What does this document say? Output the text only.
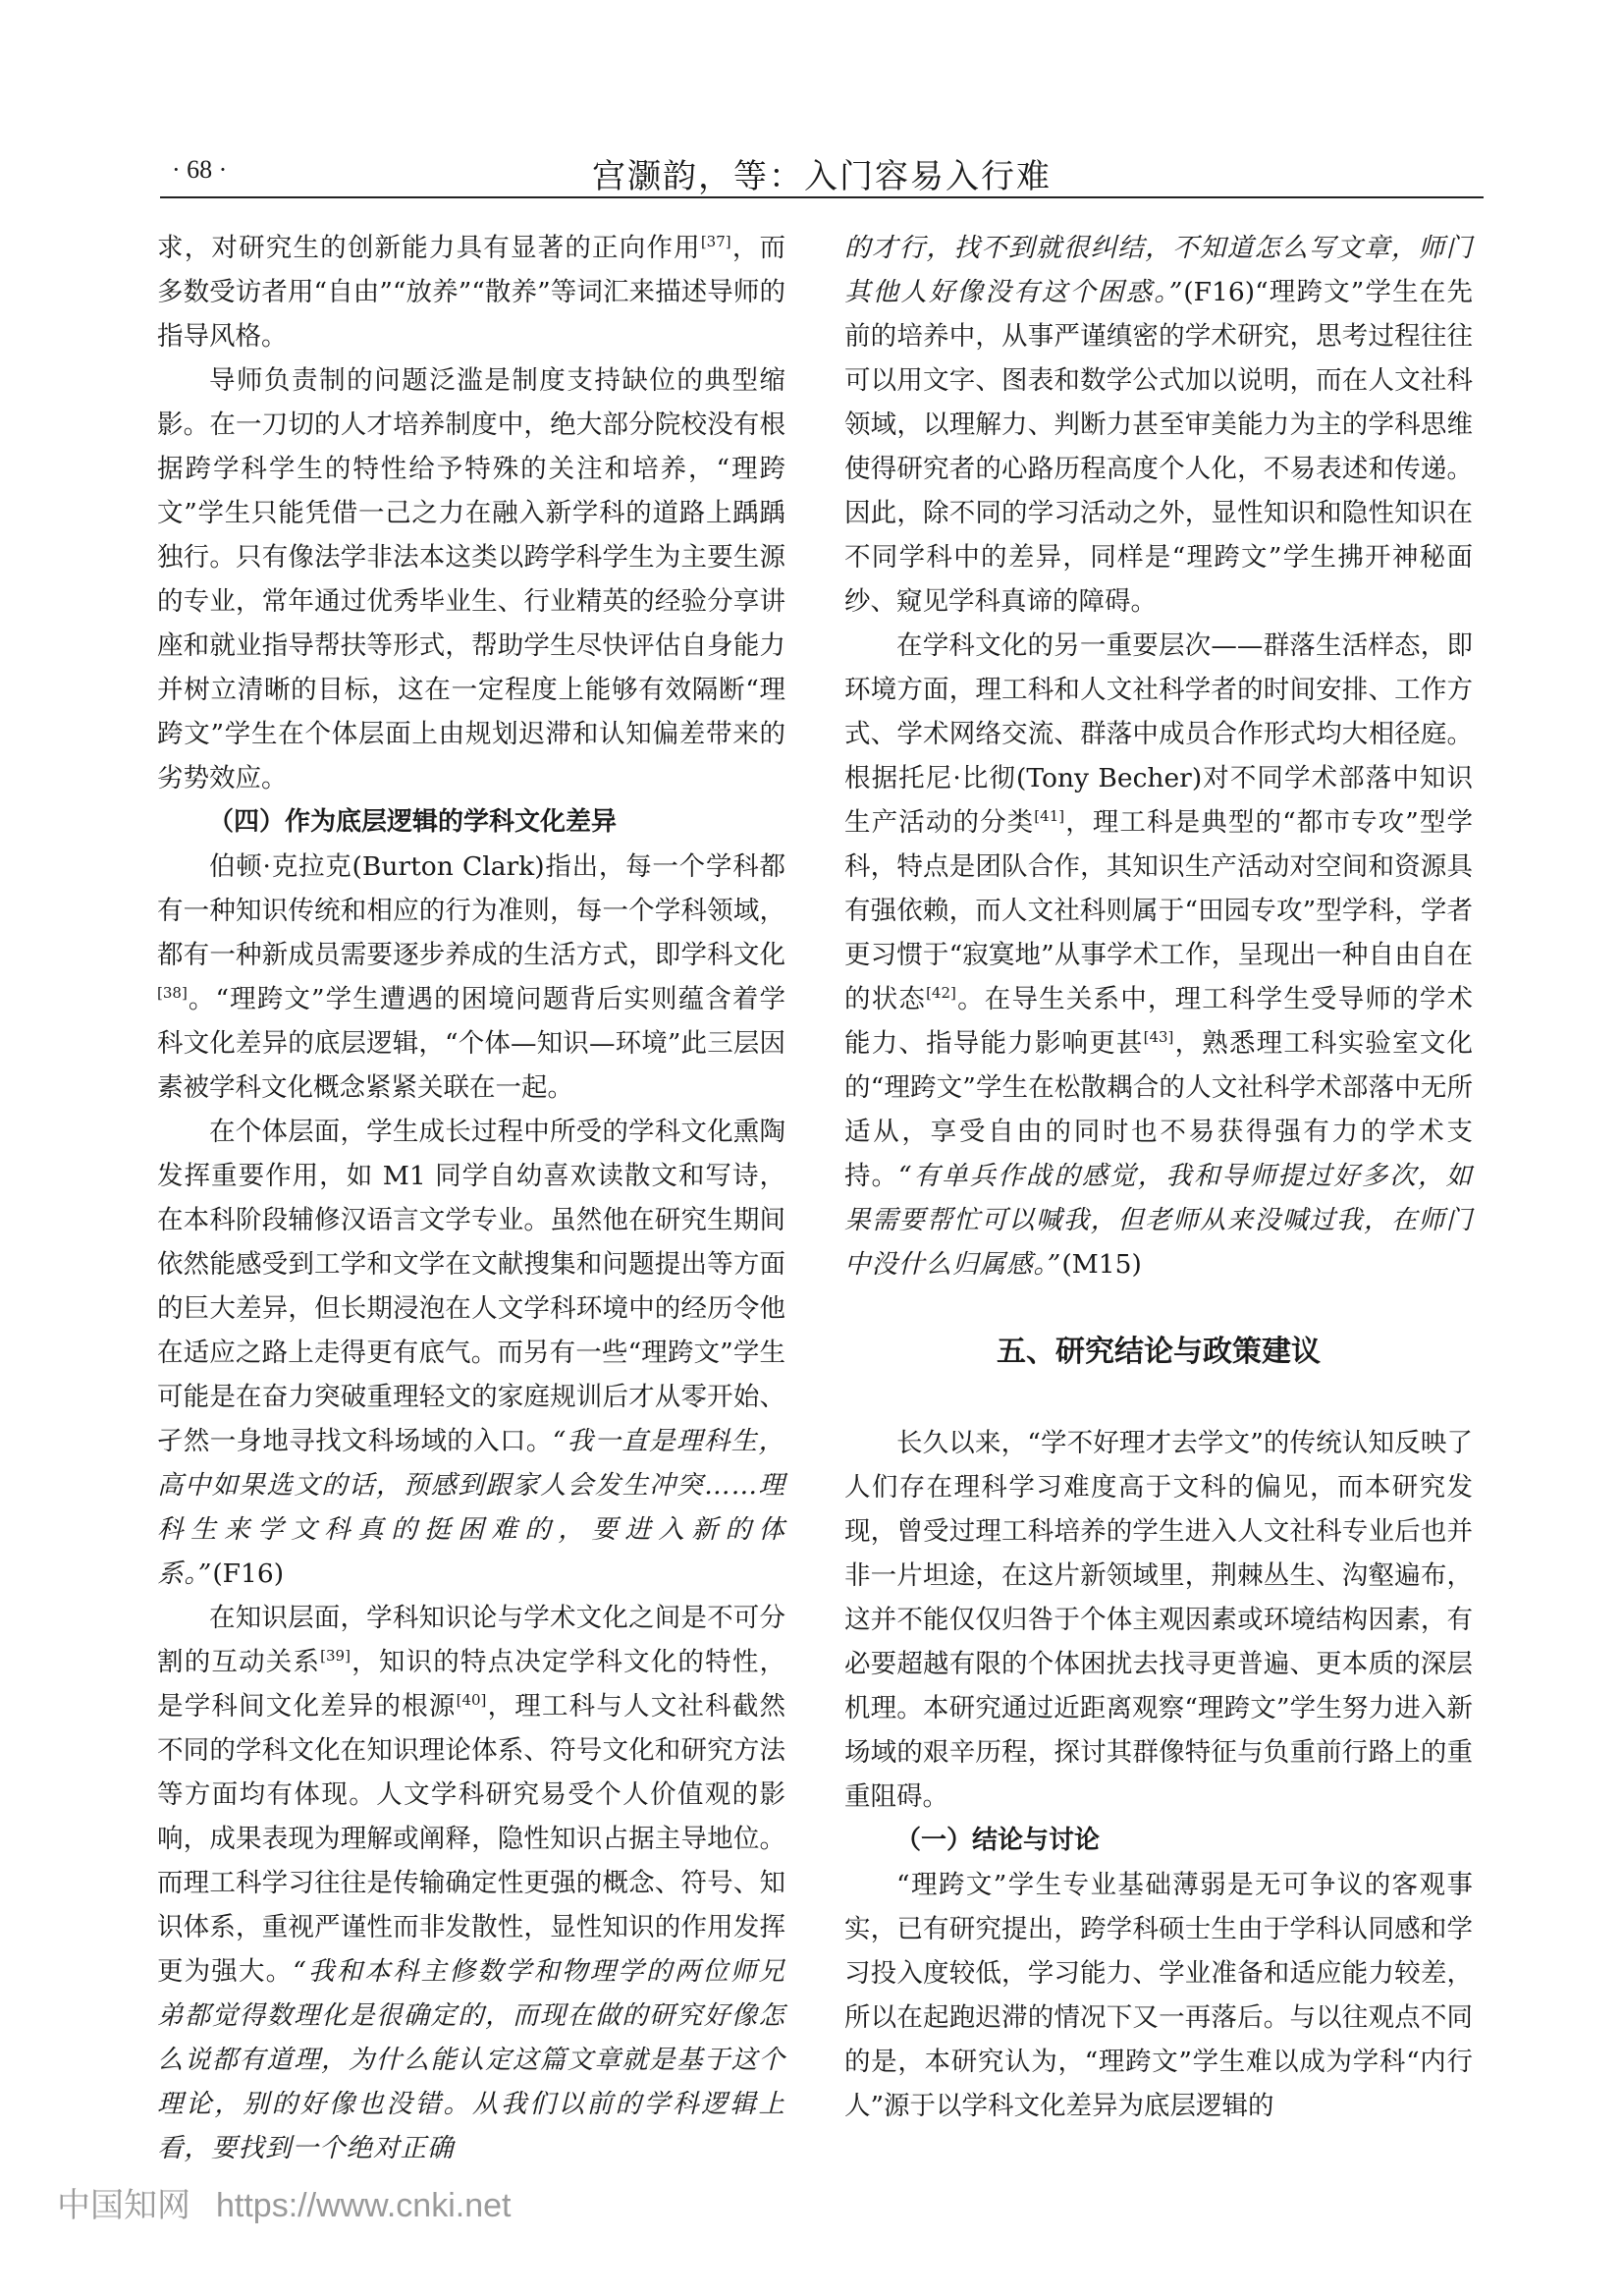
· 68 ·	宫灏韵，等：入门容易入行难

求，对研究生的创新能力具有显著的正向作用[37]，而多数受访者用“自由”“放养”“散养”等词汇来描述导师的指导风格。

导师负责制的问题泛滥是制度支持缺位的典型缩影。在一刀切的人才培养制度中，绝大部分院校没有根据跨学科学生的特性给予特殊的关注和培养，“理跨文”学生只能凭借一己之力在融入新学科的道路上踽踽独行。只有像法学非法本这类以跨学科学生为主要生源的专业，常年通过优秀毕业生、行业精英的经验分享讲座和就业指导帮扶等形式，帮助学生尽快评估自身能力并树立清晰的目标，这在一定程度上能够有效隔断“理跨文”学生在个体层面上由规划迟滞和认知偏差带来的劣势效应。

（四）作为底层逻辑的学科文化差异

伯顿·克拉克(Burton Clark)指出，每一个学科都有一种知识传统和相应的行为准则，每一个学科领域，都有一种新成员需要逐步养成的生活方式，即学科文化[38]。“理跨文”学生遭遇的困境问题背后实则蕴含着学科文化差异的底层逻辑，“个体—知识—环境”此三层因素被学科文化概念紧紧关联在一起。

在个体层面，学生成长过程中所受的学科文化熏陶发挥重要作用，如 M1 同学自幼喜欢读散文和写诗，在本科阶段辅修汉语言文学专业。虽然他在研究生期间依然能感受到工学和文学在文献搜集和问题提出等方面的巨大差异，但长期浸泡在人文学科环境中的经历令他在适应之路上走得更有底气。而另有一些“理跨文”学生可能是在奋力突破重理轻文的家庭规训后才从零开始、孑然一身地寻找文科场域的入口。“我一直是理科生，高中如果选文的话，预感到跟家人会发生冲突……理科生来学文科真的挺困难的，要进入新的体系。”(F16)

在知识层面，学科知识论与学术文化之间是不可分割的互动关系[39]，知识的特点决定学科文化的特性，是学科间文化差异的根源[40]，理工科与人文社科截然不同的学科文化在知识理论体系、符号文化和研究方法等方面均有体现。人文学科研究易受个人价值观的影响，成果表现为理解或阐释，隐性知识占据主导地位。而理工科学习往往是传输确定性更强的概念、符号、知识体系，重视严谨性而非发散性，显性知识的作用发挥更为强大。“我和本科主修数学和物理学的两位师兄弟都觉得数理化是很确定的，而现在做的研究好像怎么说都有道理，为什么能认定这篇文章就是基于这个理论，别的好像也没错。从我们以前的学科逻辑上看，要找到一个绝对正确

的才行，找不到就很纠结，不知道怎么写文章，师门其他人好像没有这个困惑。”(F16)“理跨文”学生在先前的培养中，从事严谨缜密的学术研究，思考过程往往可以用文字、图表和数学公式加以说明，而在人文社科领域，以理解力、判断力甚至审美能力为主的学科思维使得研究者的心路历程高度个人化，不易表述和传递。因此，除不同的学习活动之外，显性知识和隐性知识在不同学科中的差异，同样是“理跨文”学生拂开神秘面纱、窥见学科真谛的障碍。

在学科文化的另一重要层次——群落生活样态，即环境方面，理工科和人文社科学者的时间安排、工作方式、学术网络交流、群落中成员合作形式均大相径庭。根据托尼·比彻(Tony Becher)对不同学术部落中知识生产活动的分类[41]，理工科是典型的“都市专攻”型学科，特点是团队合作，其知识生产活动对空间和资源具有强依赖，而人文社科则属于“田园专攻”型学科，学者更习惯于“寂寞地”从事学术工作，呈现出一种自由自在的状态[42]。在导生关系中，理工科学生受导师的学术能力、指导能力影响更甚[43]，熟悉理工科实验室文化的“理跨文”学生在松散耦合的人文社科学术部落中无所适从，享受自由的同时也不易获得强有力的学术支持。“有单兵作战的感觉，我和导师提过好多次，如果需要帮忙可以喊我，但老师从来没喊过我，在师门中没什么归属感。”(M15)

五、研究结论与政策建议

长久以来，“学不好理才去学文”的传统认知反映了人们存在理科学习难度高于文科的偏见，而本研究发现，曾受过理工科培养的学生进入人文社科专业后也并非一片坦途，在这片新领域里，荆棘丛生、沟壑遍布，这并不能仅仅归咎于个体主观因素或环境结构因素，有必要超越有限的个体困扰去找寻更普遍、更本质的深层机理。本研究通过近距离观察“理跨文”学生努力进入新场域的艰辛历程，探讨其群像特征与负重前行路上的重重阻碍。

（一）结论与讨论

“理跨文”学生专业基础薄弱是无可争议的客观事实，已有研究提出，跨学科硕士生由于学科认同感和学习投入度较低，学习能力、学业准备和适应能力较差，所以在起跑迟滞的情况下又一再落后。与以往观点不同的是，本研究认为，“理跨文”学生难以成为学科“内行人”源于以学科文化差异为底层逻辑的

中国知网 https://www.cnki.net
